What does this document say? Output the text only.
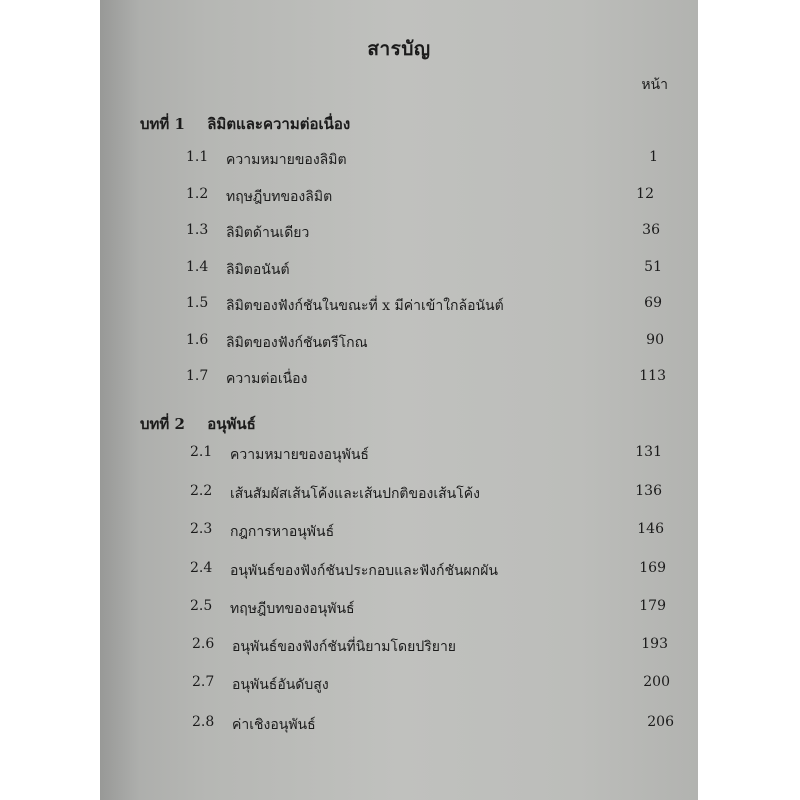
สารบัญ
หน้า
บทที่ 1 ลิมิตและความต่อเนื่อง
1.1	ความหมายของลิมิต	1
1.2	ทฤษฎีบทของลิมิต	12
1.3	ลิมิตด้านเดียว	36
1.4	ลิมิตอนันต์	51
1.5	ลิมิตของฟังก์ชันในขณะที่ x มีค่าเข้าใกล้อนันต์	69
1.6	ลิมิตของฟังก์ชันตรีโกณ	90
1.7	ความต่อเนื่อง	113
บทที่ 2 อนุพันธ์
2.1	ความหมายของอนุพันธ์	131
2.2	เส้นสัมผัสเส้นโค้งและเส้นปกติของเส้นโค้ง	136
2.3	กฎการหาอนุพันธ์	146
2.4	อนุพันธ์ของฟังก์ชันประกอบและฟังก์ชันผกผัน	169
2.5	ทฤษฎีบทของอนุพันธ์	179
2.6	อนุพันธ์ของฟังก์ชันที่นิยามโดยปริยาย	193
2.7	อนุพันธ์อันดับสูง	200
2.8	ค่าเชิงอนุพันธ์	206
